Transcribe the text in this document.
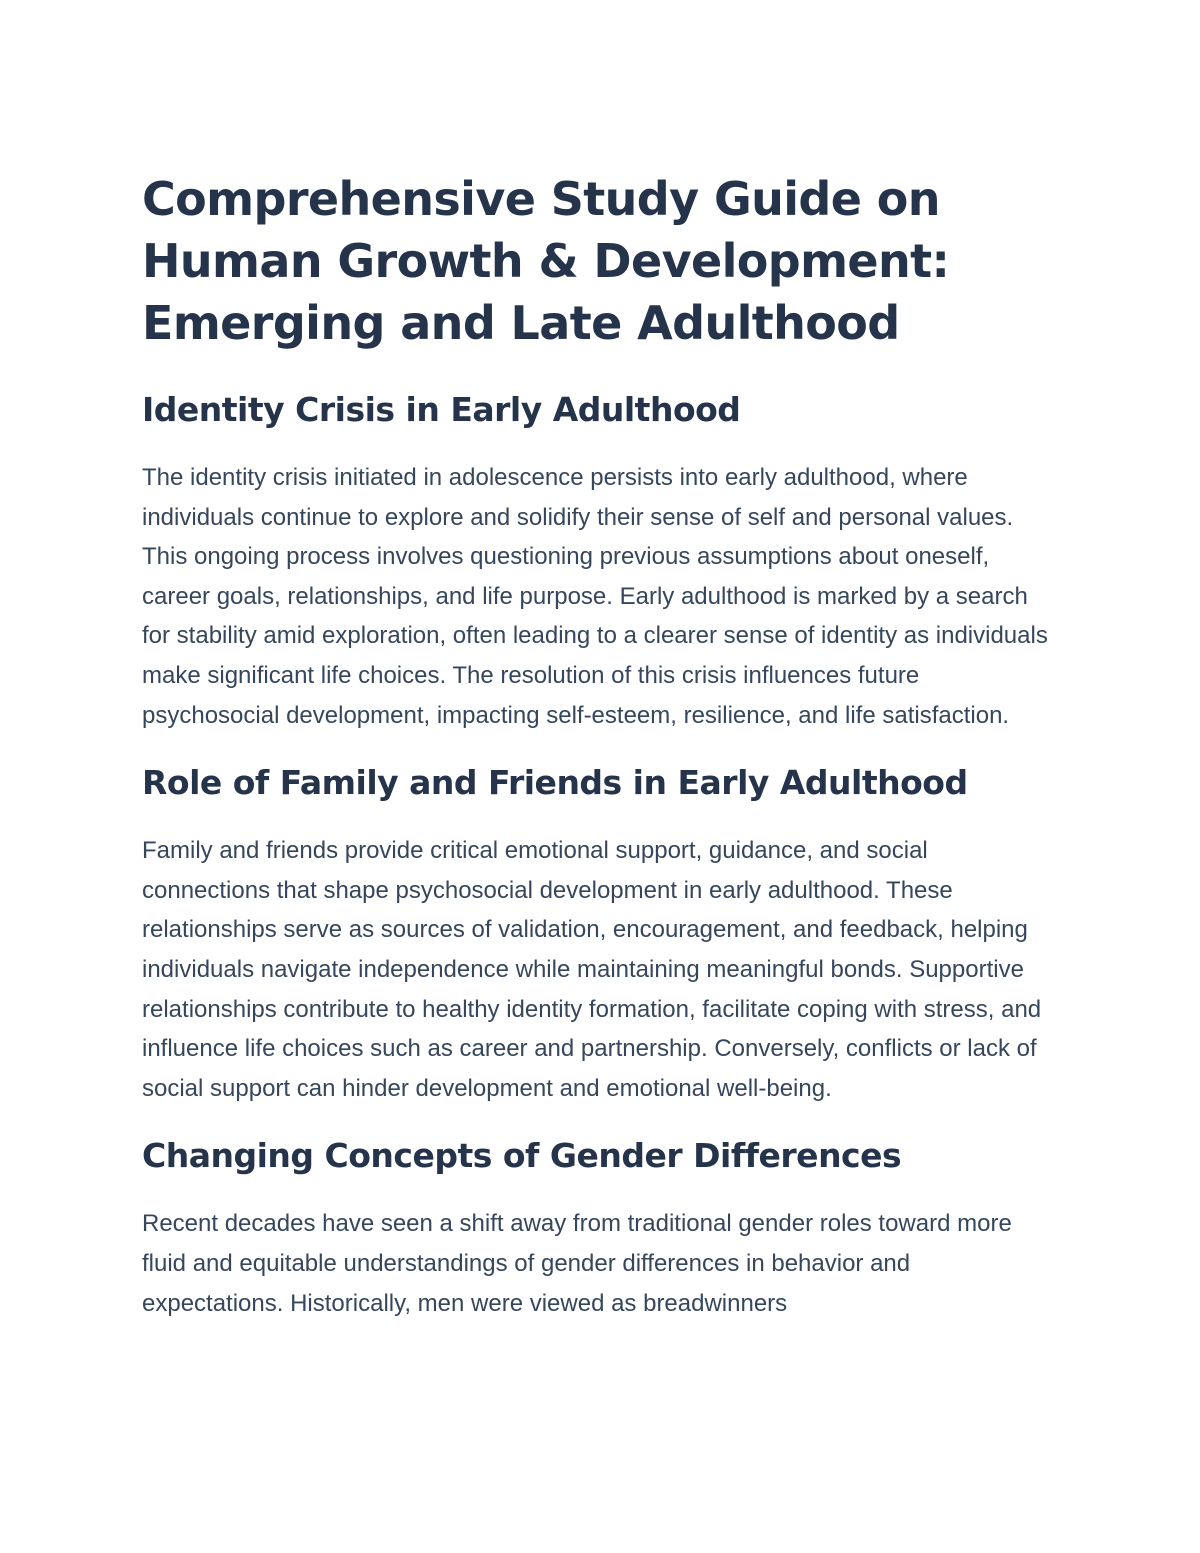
Comprehensive Study Guide on Human Growth & Development: Emerging and Late Adulthood
Identity Crisis in Early Adulthood

The identity crisis initiated in adolescence persists into early adulthood, where individuals continue to explore and solidify their sense of self and personal values. This ongoing process involves questioning previous assumptions about oneself, career goals, relationships, and life purpose. Early adulthood is marked by a search for stability amid exploration, often leading to a clearer sense of identity as individuals make significant life choices. The resolution of this crisis influences future psychosocial development, impacting self-esteem, resilience, and life satisfaction.

Role of Family and Friends in Early Adulthood

Family and friends provide critical emotional support, guidance, and social connections that shape psychosocial development in early adulthood. These relationships serve as sources of validation, encouragement, and feedback, helping individuals navigate independence while maintaining meaningful bonds. Supportive relationships contribute to healthy identity formation, facilitate coping with stress, and influence life choices such as career and partnership. Conversely, conflicts or lack of social support can hinder development and emotional well-being.

Changing Concepts of Gender Differences

Recent decades have seen a shift away from traditional gender roles toward more fluid and equitable understandings of gender differences in behavior and expectations. Historically, men were viewed as breadwinners
